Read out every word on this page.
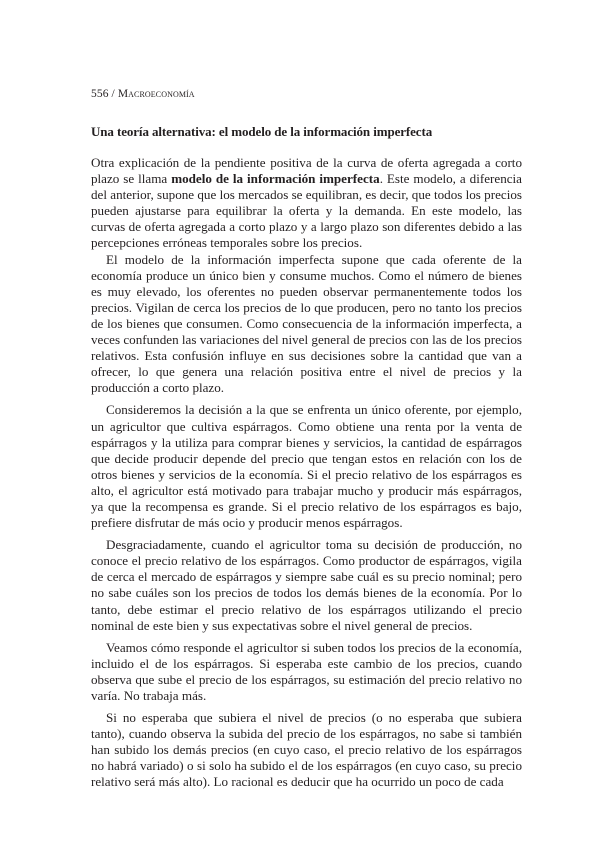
556 / Macroeconomía
Una teoría alternativa: el modelo de la información imperfecta

Otra explicación de la pendiente positiva de la curva de oferta agregada a corto plazo se llama modelo de la información imperfecta. Este modelo, a diferencia del anterior, supone que los mercados se equilibran, es decir, que todos los precios pueden ajustarse para equilibrar la oferta y la demanda. En este modelo, las curvas de oferta agregada a corto plazo y a largo plazo son diferentes debido a las percepciones erróneas temporales sobre los precios.

El modelo de la información imperfecta supone que cada oferente de la economía produce un único bien y consume muchos. Como el número de bienes es muy elevado, los oferentes no pueden observar permanentemente todos los precios. Vigilan de cerca los precios de lo que producen, pero no tanto los precios de los bienes que consumen. Como consecuencia de la información imperfecta, a veces confunden las variaciones del nivel general de precios con las de los precios relativos. Esta confusión influye en sus decisiones sobre la cantidad que van a ofrecer, lo que genera una relación positiva entre el nivel de precios y la producción a corto plazo.

Consideremos la decisión a la que se enfrenta un único oferente, por ejemplo, un agricultor que cultiva espárragos. Como obtiene una renta por la venta de espárragos y la utiliza para comprar bienes y servicios, la cantidad de espárragos que decide producir depende del precio que tengan estos en relación con los de otros bienes y servicios de la economía. Si el precio relativo de los espárragos es alto, el agricultor está motivado para trabajar mucho y producir más espárragos, ya que la recompensa es grande. Si el precio relativo de los espárragos es bajo, prefiere disfrutar de más ocio y producir menos espárragos.

Desgraciadamente, cuando el agricultor toma su decisión de producción, no conoce el precio relativo de los espárragos. Como productor de espárragos, vigila de cerca el mercado de espárragos y siempre sabe cuál es su precio nominal; pero no sabe cuáles son los precios de todos los demás bienes de la economía. Por lo tanto, debe estimar el precio relativo de los espárragos utilizando el precio nominal de este bien y sus expectativas sobre el nivel general de precios.

Veamos cómo responde el agricultor si suben todos los precios de la economía, incluido el de los espárragos. Si esperaba este cambio de los precios, cuando observa que sube el precio de los espárragos, su estimación del precio relativo no varía. No trabaja más.

Si no esperaba que subiera el nivel de precios (o no esperaba que subiera tanto), cuando observa la subida del precio de los espárragos, no sabe si también han subido los demás precios (en cuyo caso, el precio relativo de los espárragos no habrá variado) o si solo ha subido el de los espárragos (en cuyo caso, su precio relativo será más alto). Lo racional es deducir que ha ocurrido un poco de cada
